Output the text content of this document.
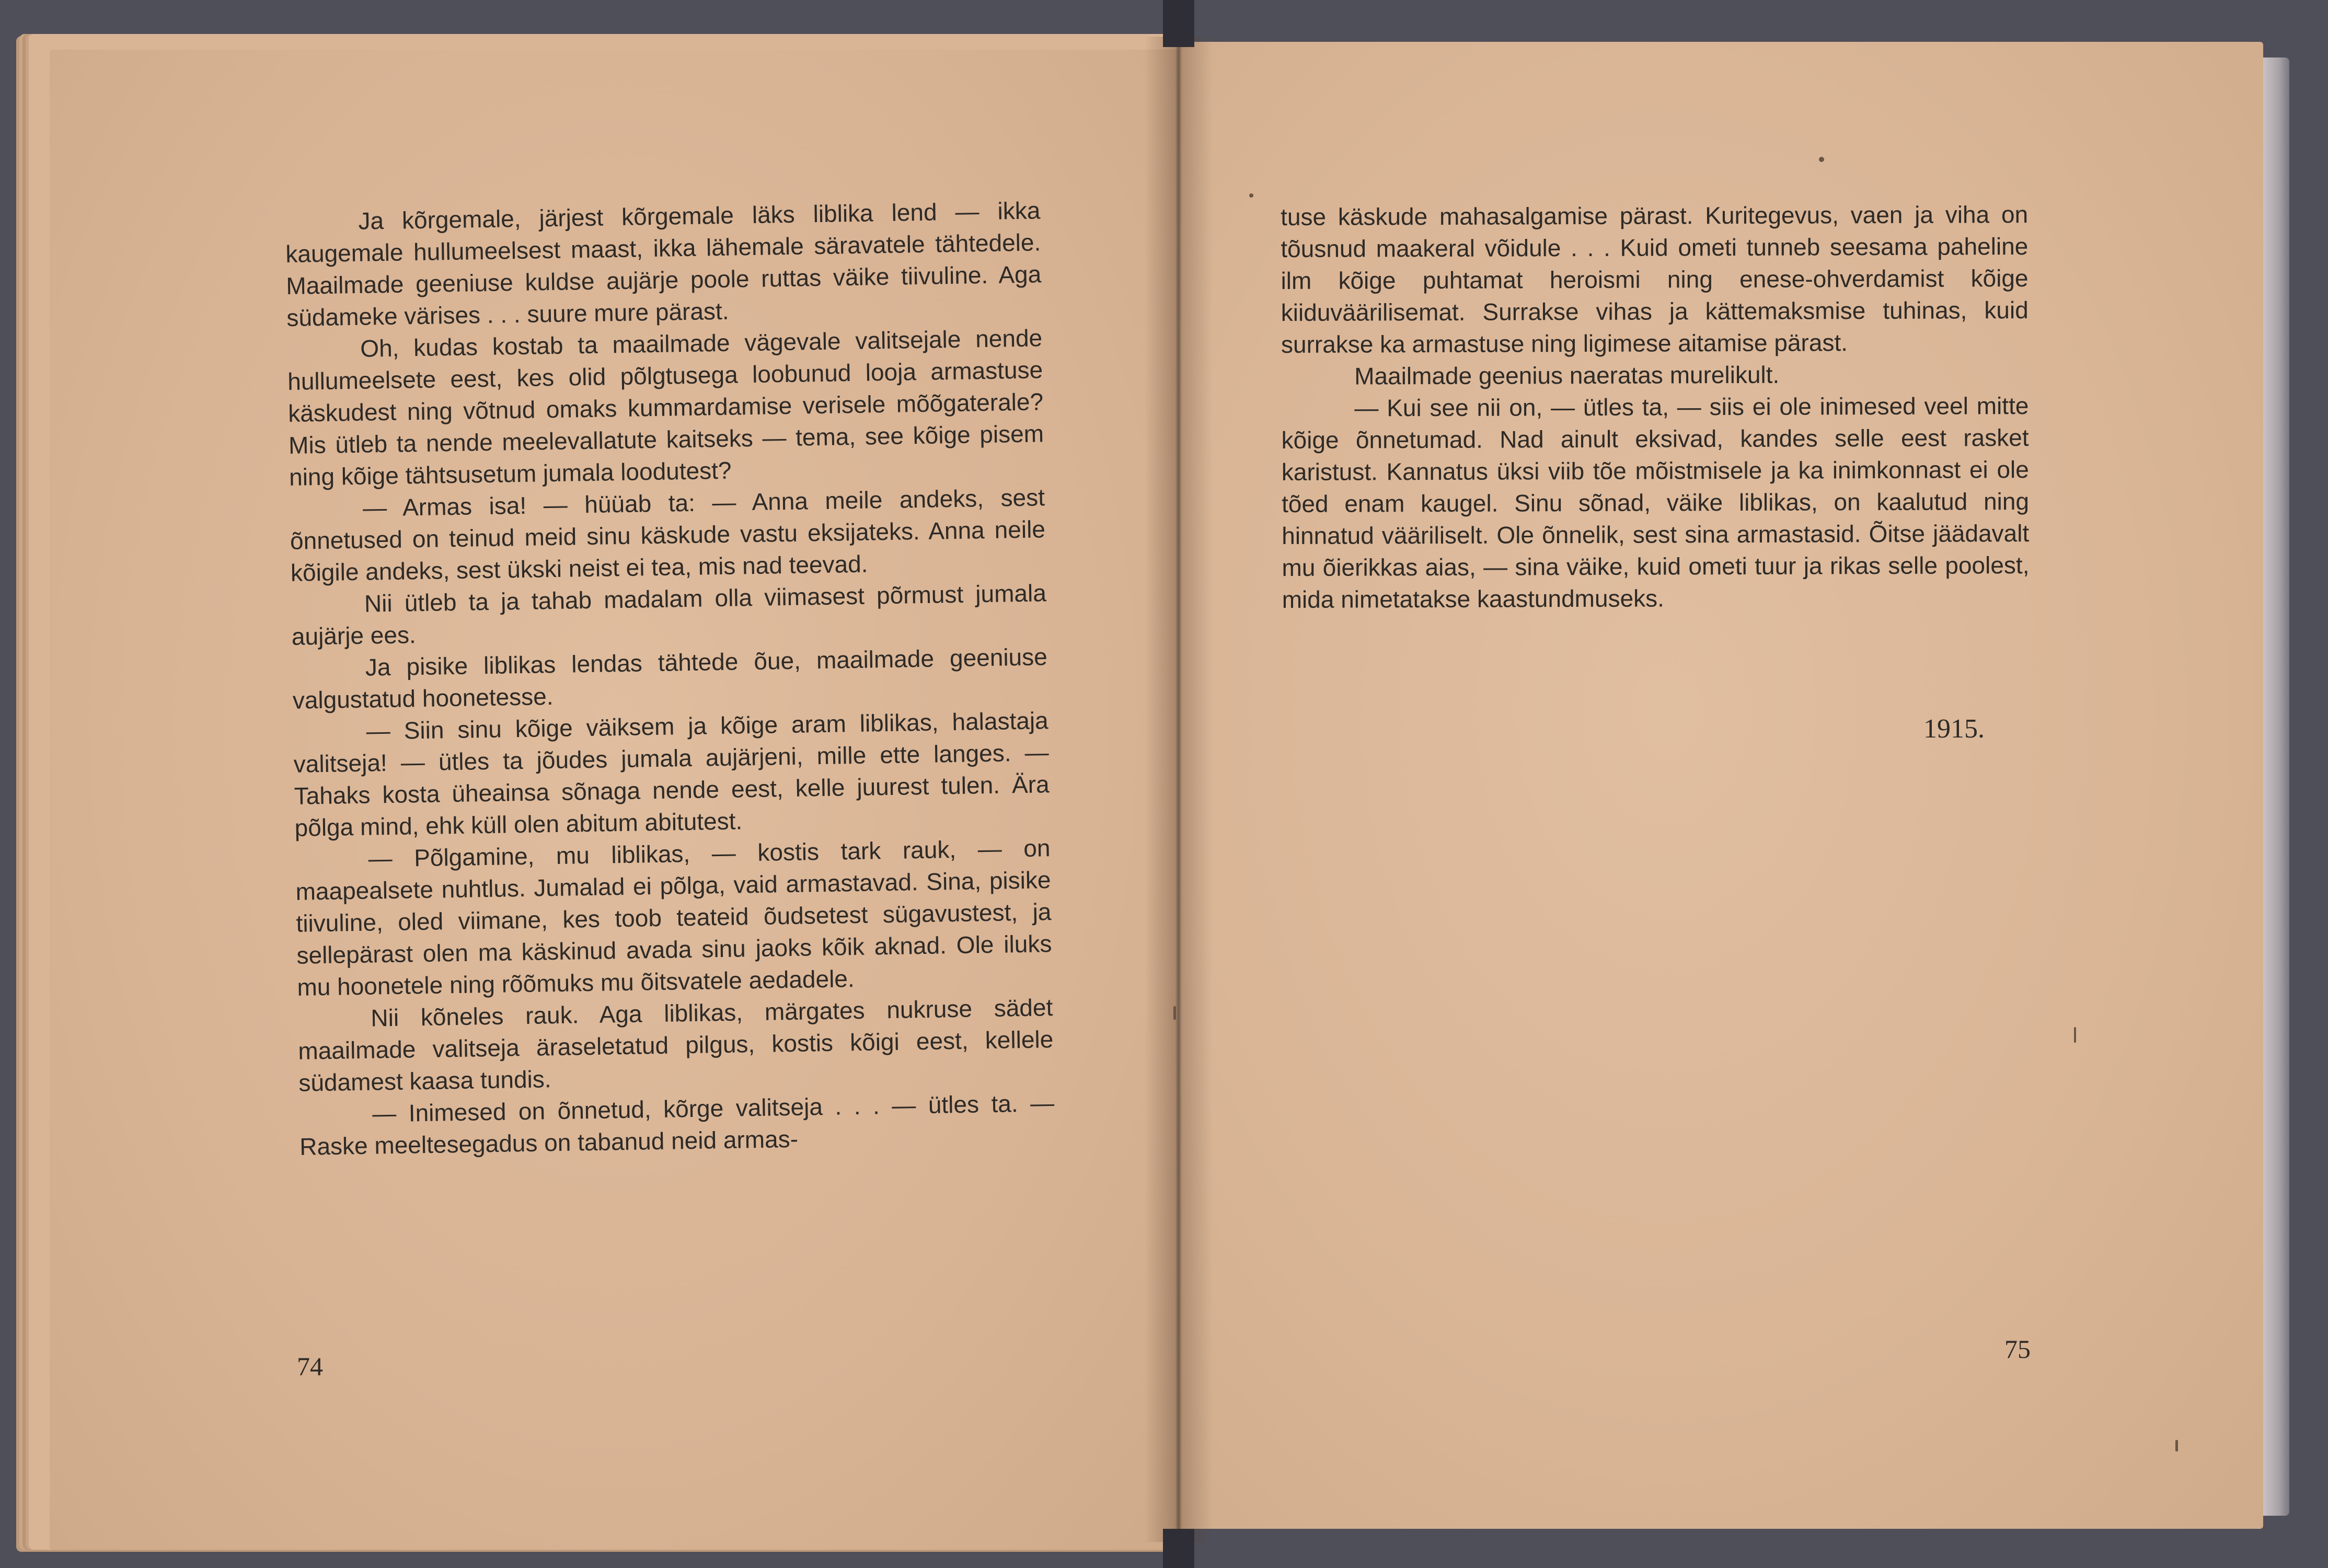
Ja kõrgemale, järjest kõrgemale läks liblika lend — ikka kaugemale hullumeelsest maast, ikka lähemale säravatele tähtedele. Maailmade geeniuse kuldse aujärje poole ruttas väike tiivuline. Aga südameke värises . . . suure mure pärast.

Oh, kudas kostab ta maailmade vägevale valitsejale nende hullumeelsete eest, kes olid põlgtusega loobunud looja armastuse käskudest ning võtnud omaks kummardamise verisele mõõgaterale? Mis ütleb ta nende meelevallatute kaitseks — tema, see kõige pisem ning kõige tähtsusetum jumala loodutest?

— Armas isa! — hüüab ta: — Anna meile andeks, sest õnnetused on teinud meid sinu käskude vastu eksijateks. Anna neile kõigile andeks, sest ükski neist ei tea, mis nad teevad.

Nii ütleb ta ja tahab madalam olla viimasest põrmust jumala aujärje ees.

Ja pisike liblikas lendas tähtede õue, maailmade geeniuse valgustatud hoonetesse.

— Siin sinu kõige väiksem ja kõige aram liblikas, halastaja valitseja! — ütles ta jõudes jumala aujärjeni, mille ette langes. — Tahaks kosta üheainsa sõnaga nende eest, kelle juurest tulen. Ära põlga mind, ehk küll olen abitum abitutest.

— Põlgamine, mu liblikas, — kostis tark rauk, — on maapealsete nuhtlus. Jumalad ei põlga, vaid armastavad. Sina, pisike tiivuline, oled viimane, kes toob teateid õudsetest sügavustest, ja sellepärast olen ma käskinud avada sinu jaoks kõik aknad. Ole iluks mu hoonetele ning rõõmuks mu õitsvatele aedadele.

Nii kõneles rauk. Aga liblikas, märgates nukruse sädet maailmade valitseja äraseletatud pilgus, kostis kõigi eest, kellele südamest kaasa tundis.

— Inimesed on õnnetud, kõrge valitseja . . . — ütles ta. — Raske meeltesegadus on tabanud neid armas-

tuse käskude mahasalgamise pärast. Kuritegevus, vaen ja viha on tõusnud maakeral võidule . . . Kuid ometi tunneb seesama paheline ilm kõige puhtamat heroismi ning enese-ohverdamist kõige kiiduväärilisemat. Surrakse vihas ja kättemaksmise tuhinas, kuid surrakse ka armastuse ning ligimese aitamise pärast.

Maailmade geenius naeratas murelikult.

— Kui see nii on, — ütles ta, — siis ei ole inimesed veel mitte kõige õnnetumad. Nad ainult eksivad, kandes selle eest rasket karistust. Kannatus üksi viib tõe mõistmisele ja ka inimkonnast ei ole tõed enam kaugel. Sinu sõnad, väike liblikas, on kaalutud ning hinnatud vääriliselt. Ole õnnelik, sest sina armastasid. Õitse jäädavalt mu õierikkas aias, — sina väike, kuid ometi tuur ja rikas selle poolest, mida nimetatakse kaastundmuseks.

1915.
74
75
